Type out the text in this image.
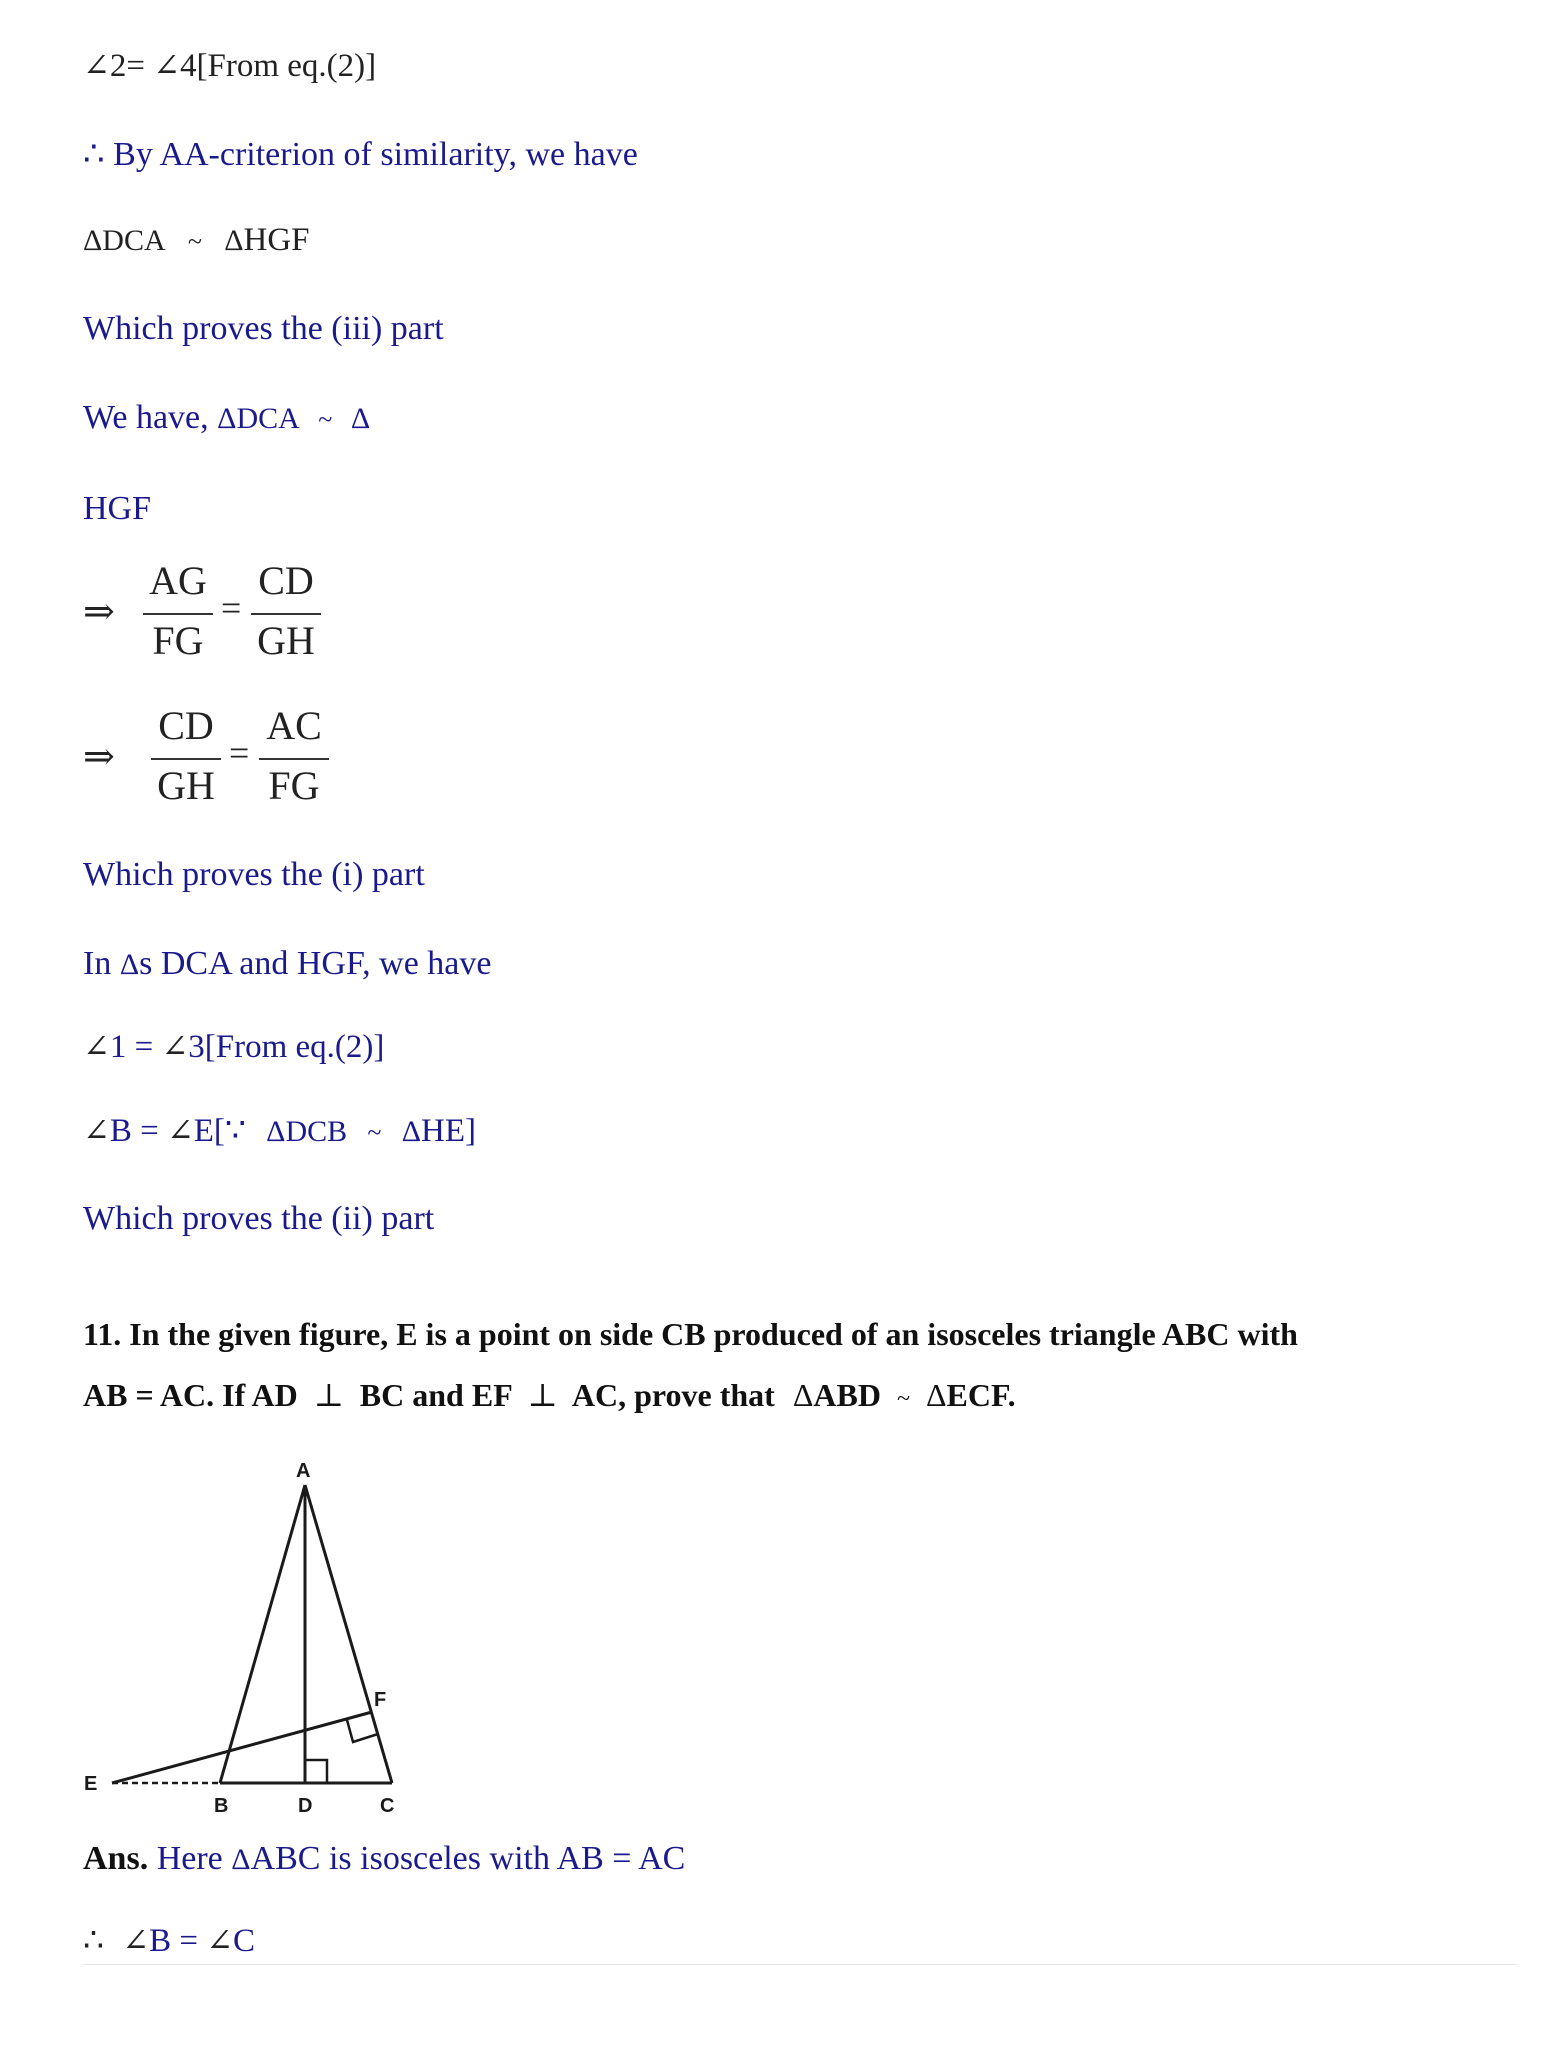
∠2= ∠4[From eq.(2)]
∴ By AA-criterion of similarity, we have
ΔDCA ~ ΔHGF
Which proves the (iii) part
We have, ΔDCA ~ Δ
HGF
⇒
AG
FG
=
CD
GH
⇒
CD
GH
=
AC
FG
Which proves the (i) part
In Δs DCA and HGF, we have
∠1 = ∠3[From eq.(2)]
∠B = ∠E[∵ ΔDCB ~ ΔHE]
Which proves the (ii) part
11. In the given figure, E is a point on side CB produced of an isosceles triangle ABC with
AB = AC. If AD ⊥ BC and EF ⊥ AC, prove that ΔABD ~ ΔECF.
A
B	C
D
E
F
Ans. Here ΔABC is isosceles with AB = AC
∴ ∠B = ∠C
